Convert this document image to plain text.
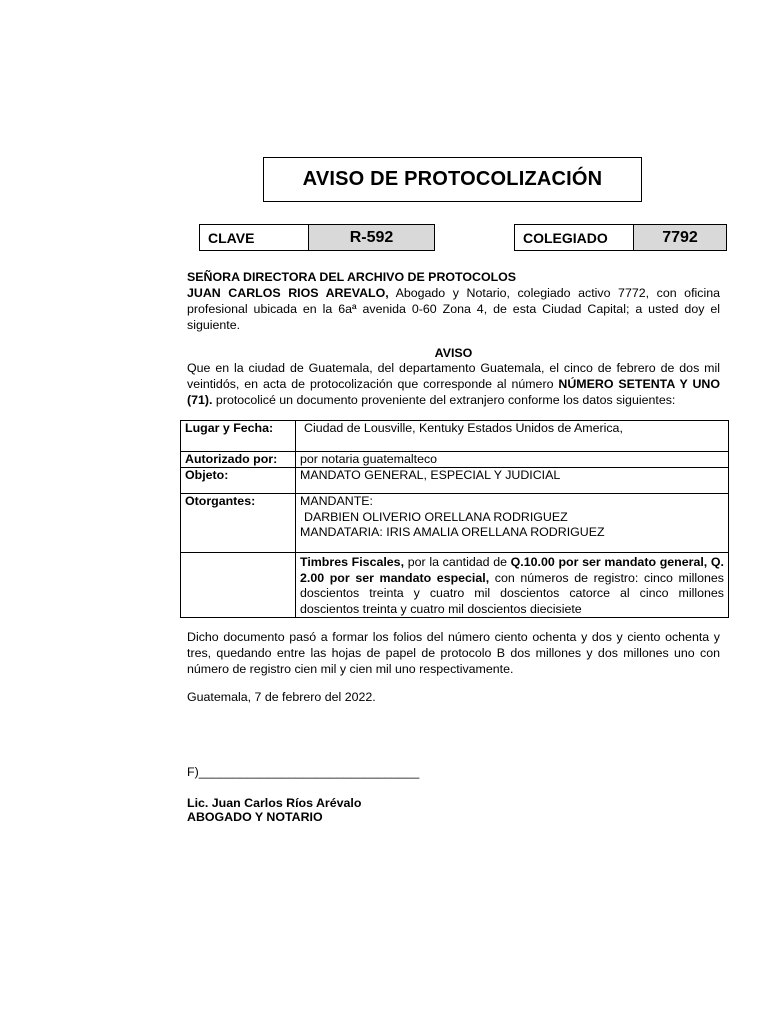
AVISO DE PROTOCOLIZACIÓN
CLAVE	R-592	COLEGIADO	7792
SEÑORA DIRECTORA DEL ARCHIVO DE PROTOCOLOS
JUAN CARLOS RIOS AREVALO, Abogado y Notario, colegiado activo 7772, con oficina profesional ubicada en la 6aª avenida 0-60 Zona 4, de esta Ciudad Capital; a usted doy el siguiente.
AVISO
Que en la ciudad de Guatemala, del departamento Guatemala, el cinco de febrero de dos mil veintidós, en acta de protocolización que corresponde al número NÚMERO SETENTA Y UNO (71). protocolicé un documento proveniente del extranjero conforme los datos siguientes:
Lugar y Fecha:	Ciudad de Lousville, Kentuky Estados Unidos de America,
Autorizado por:	por notaria guatemalteco
Objeto:	MANDATO GENERAL, ESPECIAL Y JUDICIAL
Otorgantes:	MANDANTE:
DARBIEN OLIVERIO ORELLANA RODRIGUEZ
MANDATARIA: IRIS AMALIA ORELLANA RODRIGUEZ

	Timbres Fiscales, por la cantidad de Q.10.00 por ser mandato general, Q. 2.00 por ser mandato especial, con números de registro: cinco millones doscientos treinta y cuatro mil doscientos catorce al cinco millones doscientos treinta y cuatro mil doscientos diecisiete
Dicho documento pasó a formar los folios del número ciento ochenta y dos y ciento ochenta y tres, quedando entre las hojas de papel de protocolo B dos millones y dos millones uno con número de registro cien mil y cien mil uno respectivamente.
Guatemala, 7 de febrero del 2022.
F)________________________________
Lic. Juan Carlos Ríos Arévalo
ABOGADO Y NOTARIO
